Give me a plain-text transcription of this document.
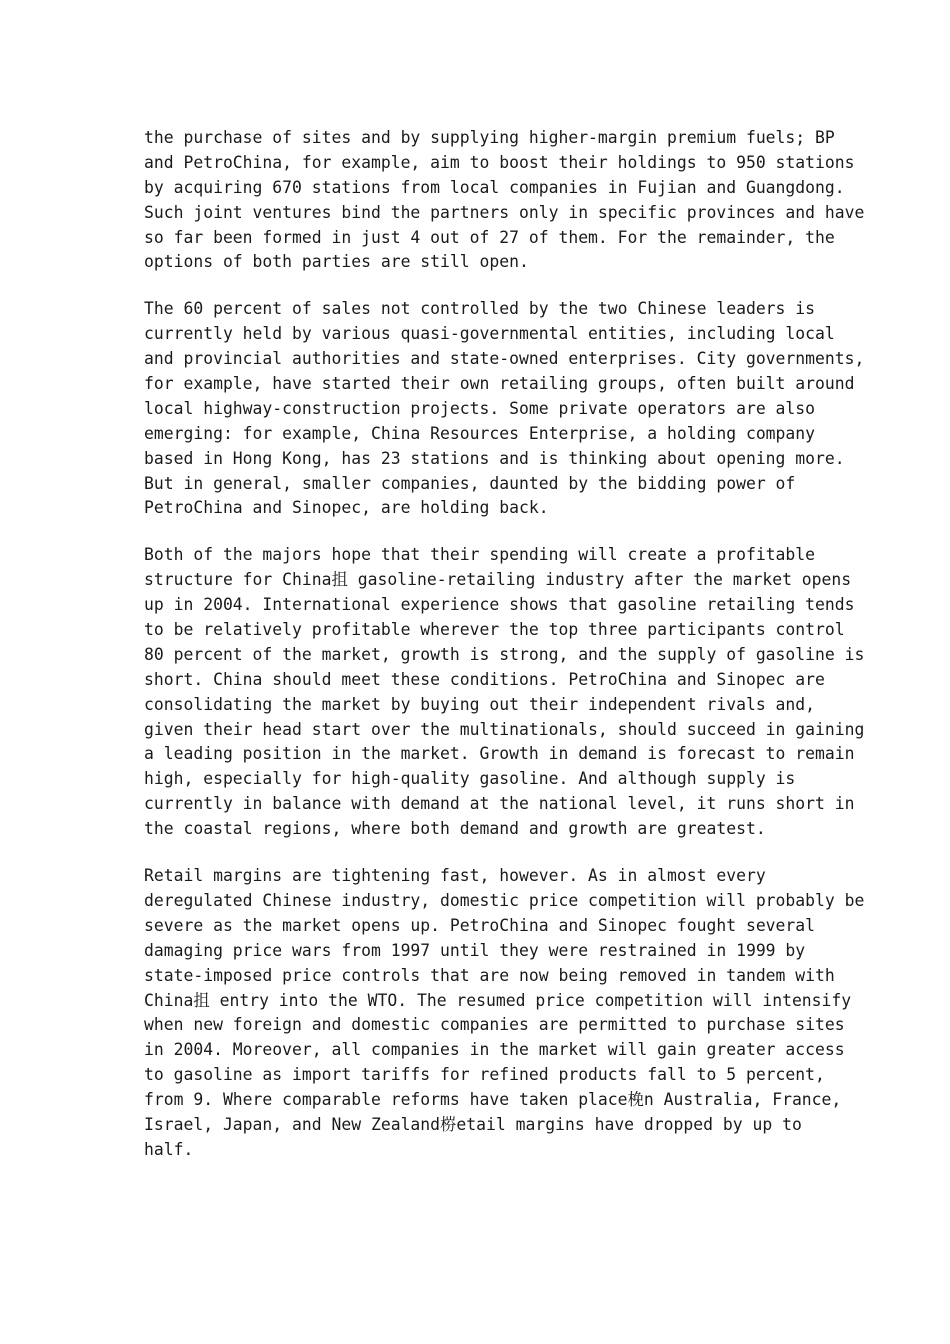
the purchase of sites and by supplying higher-margin premium fuels; BP
and PetroChina, for example, aim to boost their holdings to 950 stations
by acquiring 670 stations from local companies in Fujian and Guangdong.
Such joint ventures bind the partners only in specific provinces and have
so far been formed in just 4 out of 27 of them. For the remainder, the
options of both parties are still open.

The 60 percent of sales not controlled by the two Chinese leaders is
currently held by various quasi-governmental entities, including local
and provincial authorities and state-owned enterprises. City governments,
for example, have started their own retailing groups, often built around
local highway-construction projects. Some private operators are also
emerging: for example, China Resources Enterprise, a holding company
based in Hong Kong, has 23 stations and is thinking about opening more.
But in general, smaller companies, daunted by the bidding power of
PetroChina and Sinopec, are holding back.

Both of the majors hope that their spending will create a profitable
structure for China抯 gasoline-retailing industry after the market opens
up in 2004. International experience shows that gasoline retailing tends
to be relatively profitable wherever the top three participants control
80 percent of the market, growth is strong, and the supply of gasoline is
short. China should meet these conditions. PetroChina and Sinopec are
consolidating the market by buying out their independent rivals and,
given their head start over the multinationals, should succeed in gaining
a leading position in the market. Growth in demand is forecast to remain
high, especially for high-quality gasoline. And although supply is
currently in balance with demand at the national level, it runs short in
the coastal regions, where both demand and growth are greatest.

Retail margins are tightening fast, however. As in almost every
deregulated Chinese industry, domestic price competition will probably be
severe as the market opens up. PetroChina and Sinopec fought several
damaging price wars from 1997 until they were restrained in 1999 by
state-imposed price controls that are now being removed in tandem with
China抯 entry into the WTO. The resumed price competition will intensify
when new foreign and domestic companies are permitted to purchase sites
in 2004. Moreover, all companies in the market will gain greater access
to gasoline as import tariffs for refined products fall to 5 percent,
from 9. Where comparable reforms have taken place梚n Australia, France,
Israel, Japan, and New Zealand梤etail margins have dropped by up to
half.
